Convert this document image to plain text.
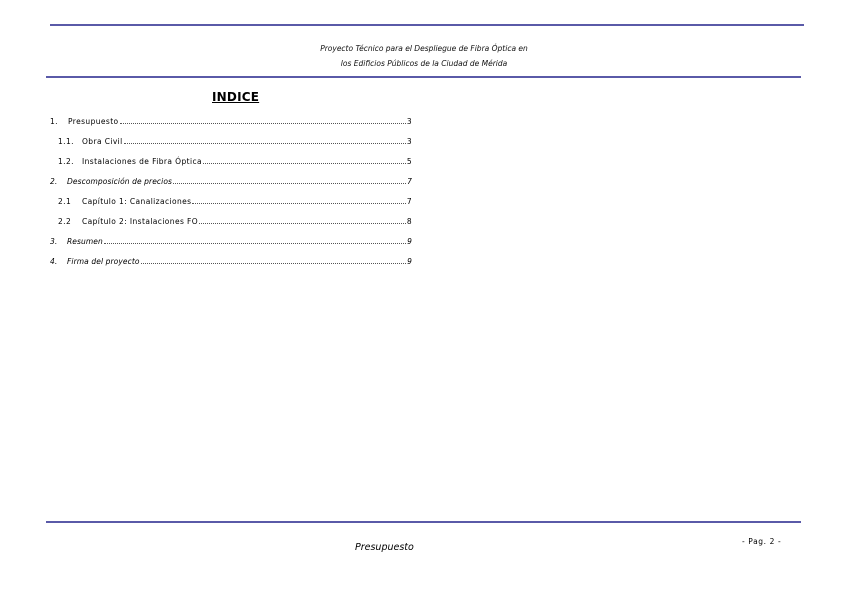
Proyecto Técnico para el Despliegue de Fibra Óptica en
los Edificios Públicos de la Ciudad de Mérida
INDICE
1.	Presupuesto	3
1.1.	Obra Civil	3
1.2.	Instalaciones de Fibra Óptica	5
2.	Descomposición de precios	7
2.1	Capítulo 1: Canalizaciones	7
2.2	Capítulo 2: Instalaciones FO	8
3.	Resumen	9
4.	Firma del proyecto	9
Presupuesto
- Pag. 2 -
